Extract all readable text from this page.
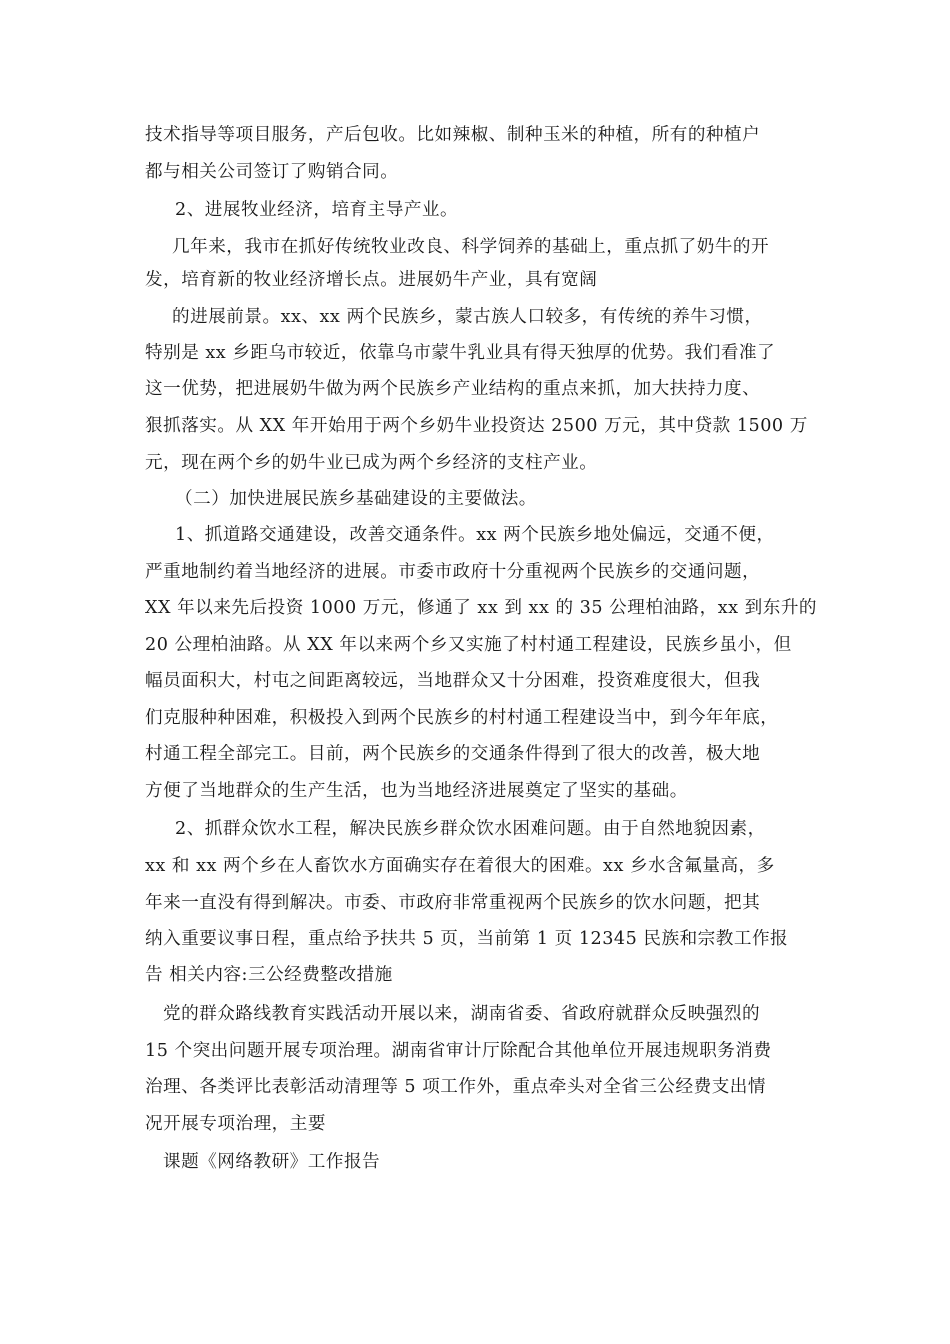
技术指导等项目服务，产后包收。比如辣椒、制种玉米的种植，所有的种植户

都与相关公司签订了购销合同。

2、进展牧业经济，培育主导产业。

几年来，我市在抓好传统牧业改良、科学饲养的基础上，重点抓了奶牛的开

发，培育新的牧业经济增长点。进展奶牛产业，具有宽阔

的进展前景。xx、xx 两个民族乡，蒙古族人口较多，有传统的养牛习惯，

特别是 xx 乡距乌市较近，依靠乌市蒙牛乳业具有得天独厚的优势。我们看准了

这一优势，把进展奶牛做为两个民族乡产业结构的重点来抓，加大扶持力度、

狠抓落实。从 XX 年开始用于两个乡奶牛业投资达 2500 万元，其中贷款 1500 万

元，现在两个乡的奶牛业已成为两个乡经济的支柱产业。

（二）加快进展民族乡基础建设的主要做法。

1、抓道路交通建设，改善交通条件。xx 两个民族乡地处偏远，交通不便，

严重地制约着当地经济的进展。市委市政府十分重视两个民族乡的交通问题，

XX 年以来先后投资 1000 万元，修通了 xx 到 xx 的 35 公理柏油路，xx 到东升的

20 公理柏油路。从 XX 年以来两个乡又实施了村村通工程建设，民族乡虽小，但

幅员面积大，村屯之间距离较远，当地群众又十分困难，投资难度很大，但我

们克服种种困难，积极投入到两个民族乡的村村通工程建设当中，到今年年底，

村通工程全部完工。目前，两个民族乡的交通条件得到了很大的改善，极大地

方便了当地群众的生产生活，也为当地经济进展奠定了坚实的基础。

2、抓群众饮水工程，解决民族乡群众饮水困难问题。由于自然地貌因素，

xx 和 xx 两个乡在人畜饮水方面确实存在着很大的困难。xx 乡水含氟量高，多

年来一直没有得到解决。市委、市政府非常重视两个民族乡的饮水问题，把其

纳入重要议事日程，重点给予扶共 5 页，当前第 1 页 12345 民族和宗教工作报

告 相关内容:三公经费整改措施

党的群众路线教育实践活动开展以来，湖南省委、省政府就群众反映强烈的

15 个突出问题开展专项治理。湖南省审计厅除配合其他单位开展违规职务消费

治理、各类评比表彰活动清理等 5 项工作外，重点牵头对全省三公经费支出情

况开展专项治理，主要

课题《网络教研》工作报告
